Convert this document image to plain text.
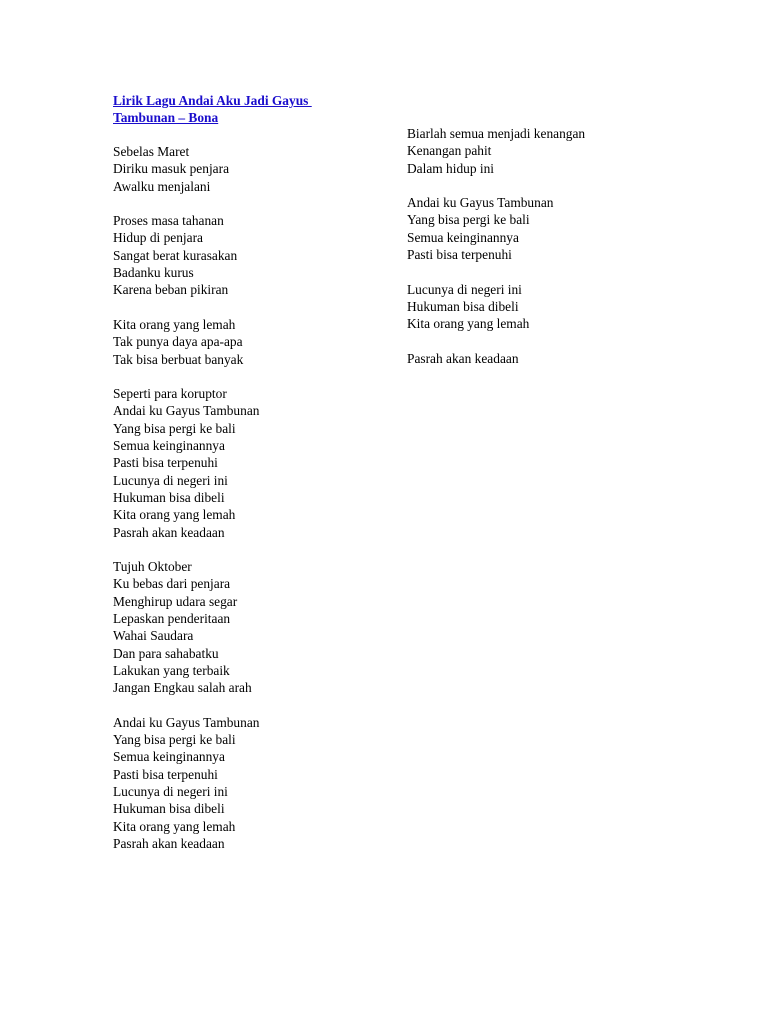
Lirik Lagu Andai Aku Jadi Gayus
Tambunan – Bona
Sebelas Maret
Diriku masuk penjara
Awalku menjalani
Proses masa tahanan
Hidup di penjara
Sangat berat kurasakan
Badanku kurus
Karena beban pikiran
Kita orang yang lemah
Tak punya daya apa-apa
Tak bisa berbuat banyak
Seperti para koruptor
Andai ku Gayus Tambunan
Yang bisa pergi ke bali
Semua keinginannya
Pasti bisa terpenuhi
Lucunya di negeri ini
Hukuman bisa dibeli
Kita orang yang lemah
Pasrah akan keadaan
Tujuh Oktober
Ku bebas dari penjara
Menghirup udara segar
Lepaskan penderitaan
Wahai Saudara
Dan para sahabatku
Lakukan yang terbaik
Jangan Engkau salah arah
Andai ku Gayus Tambunan
Yang bisa pergi ke bali
Semua keinginannya
Pasti bisa terpenuhi
Lucunya di negeri ini
Hukuman bisa dibeli
Kita orang yang lemah
Pasrah akan keadaan
Biarlah semua menjadi kenangan
Kenangan pahit
Dalam hidup ini
Andai ku Gayus Tambunan
Yang bisa pergi ke bali
Semua keinginannya
Pasti bisa terpenuhi
Lucunya di negeri ini
Hukuman bisa dibeli
Kita orang yang lemah
Pasrah akan keadaan
